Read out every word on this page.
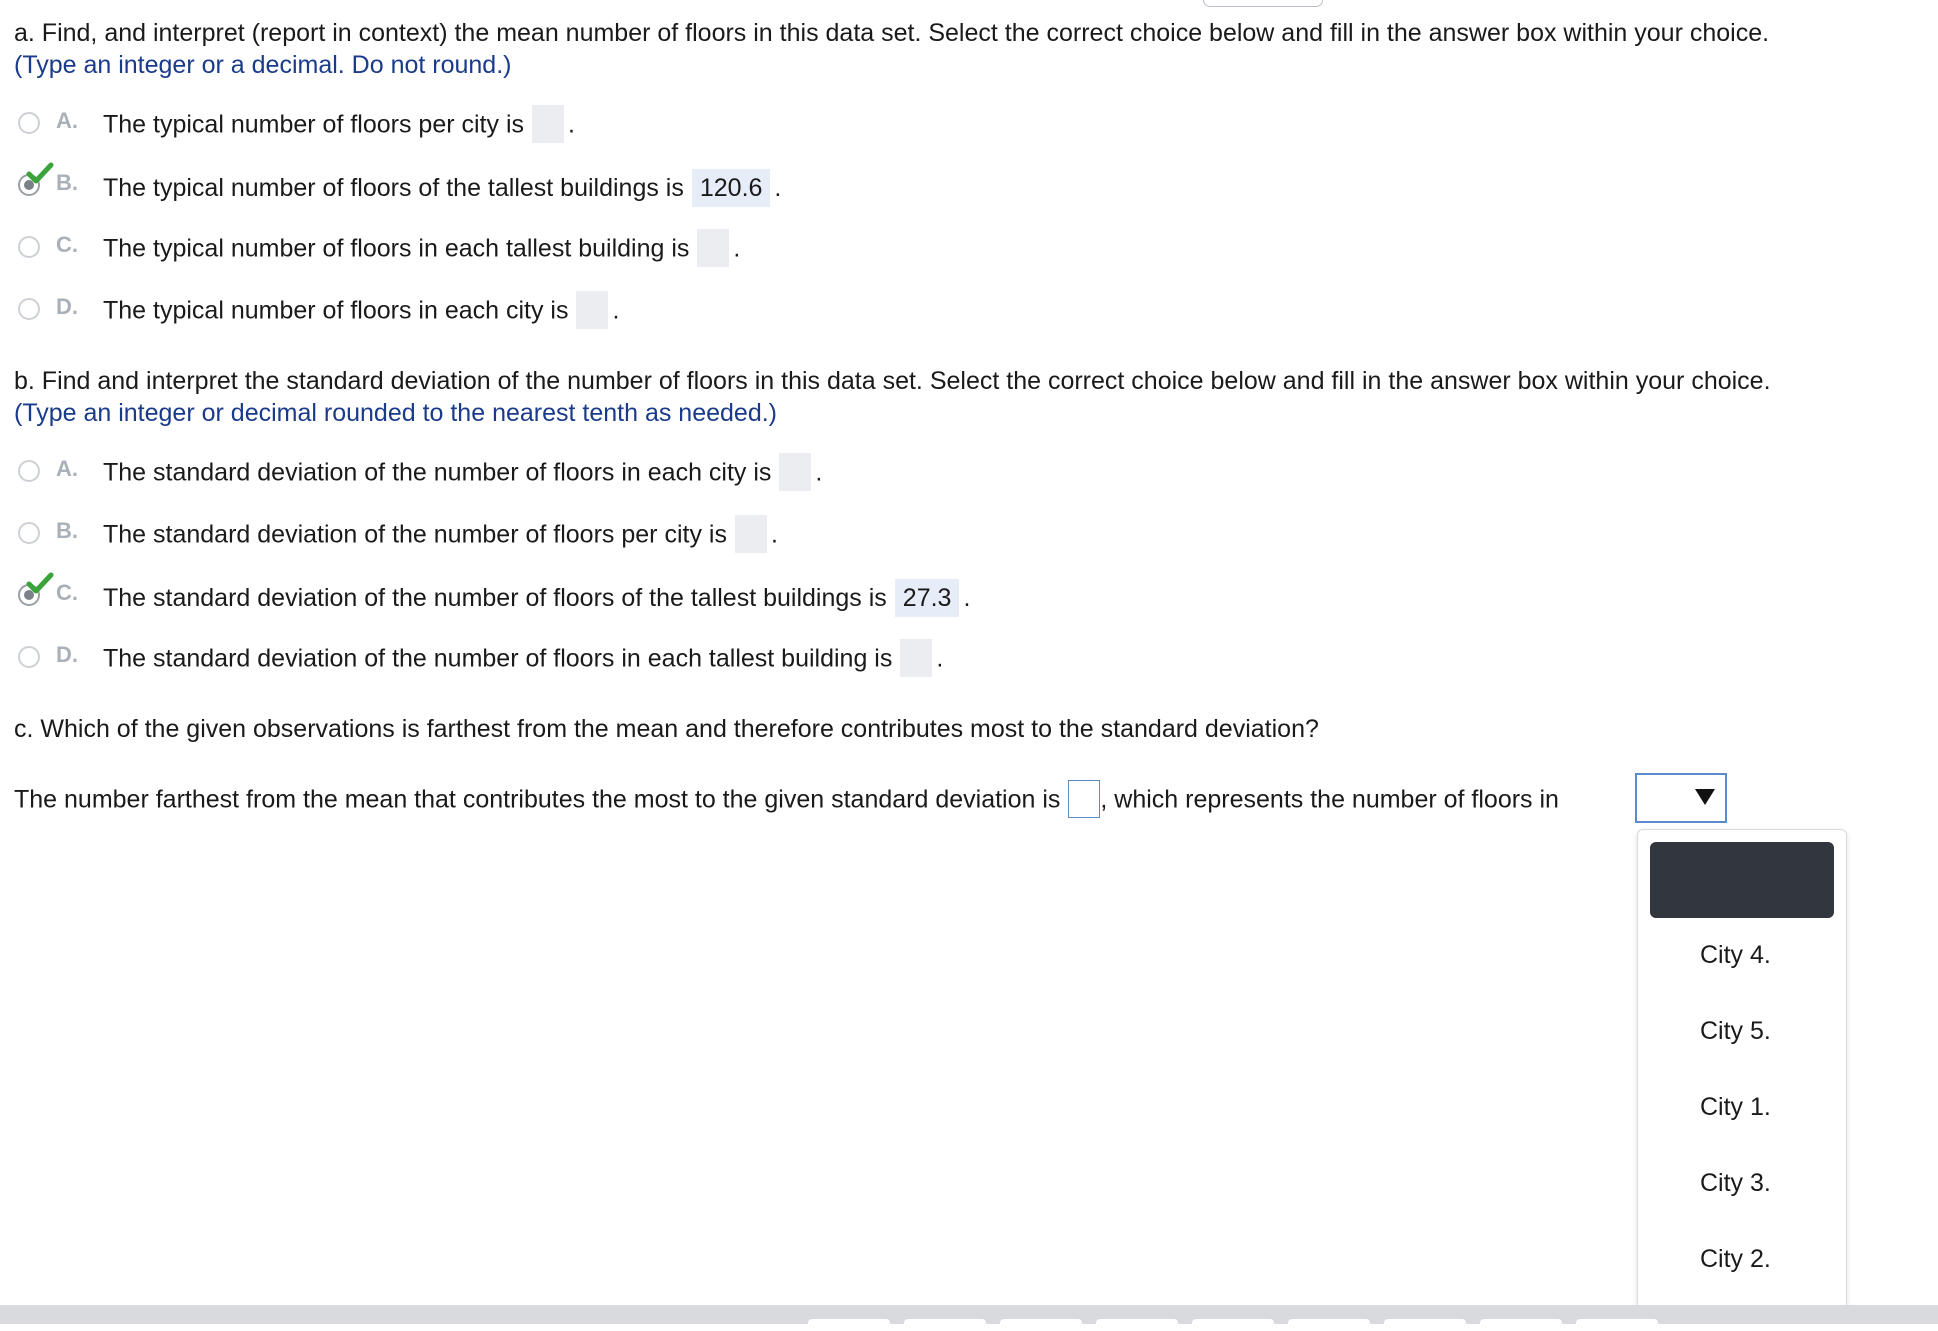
a. Find, and interpret (report in context) the mean number of floors in this data set. Select the correct choice below and fill in the answer box within your choice.
(Type an integer or a decimal. Do not round.)
A. The typical number of floors per city is .
B. The typical number of floors of the tallest buildings is 120.6 .
C. The typical number of floors in each tallest building is .
D. The typical number of floors in each city is .
b. Find and interpret the standard deviation of the number of floors in this data set. Select the correct choice below and fill in the answer box within your choice.
(Type an integer or decimal rounded to the nearest tenth as needed.)
A. The standard deviation of the number of floors in each city is .
B. The standard deviation of the number of floors per city is .
C. The standard deviation of the number of floors of the tallest buildings is 27.3 .
D. The standard deviation of the number of floors in each tallest building is .
c. Which of the given observations is farthest from the mean and therefore contributes most to the standard deviation?
The number farthest from the mean that contributes the most to the given standard deviation is , which represents the number of floors in
City 4.
City 5.
City 1.
City 3.
City 2.
